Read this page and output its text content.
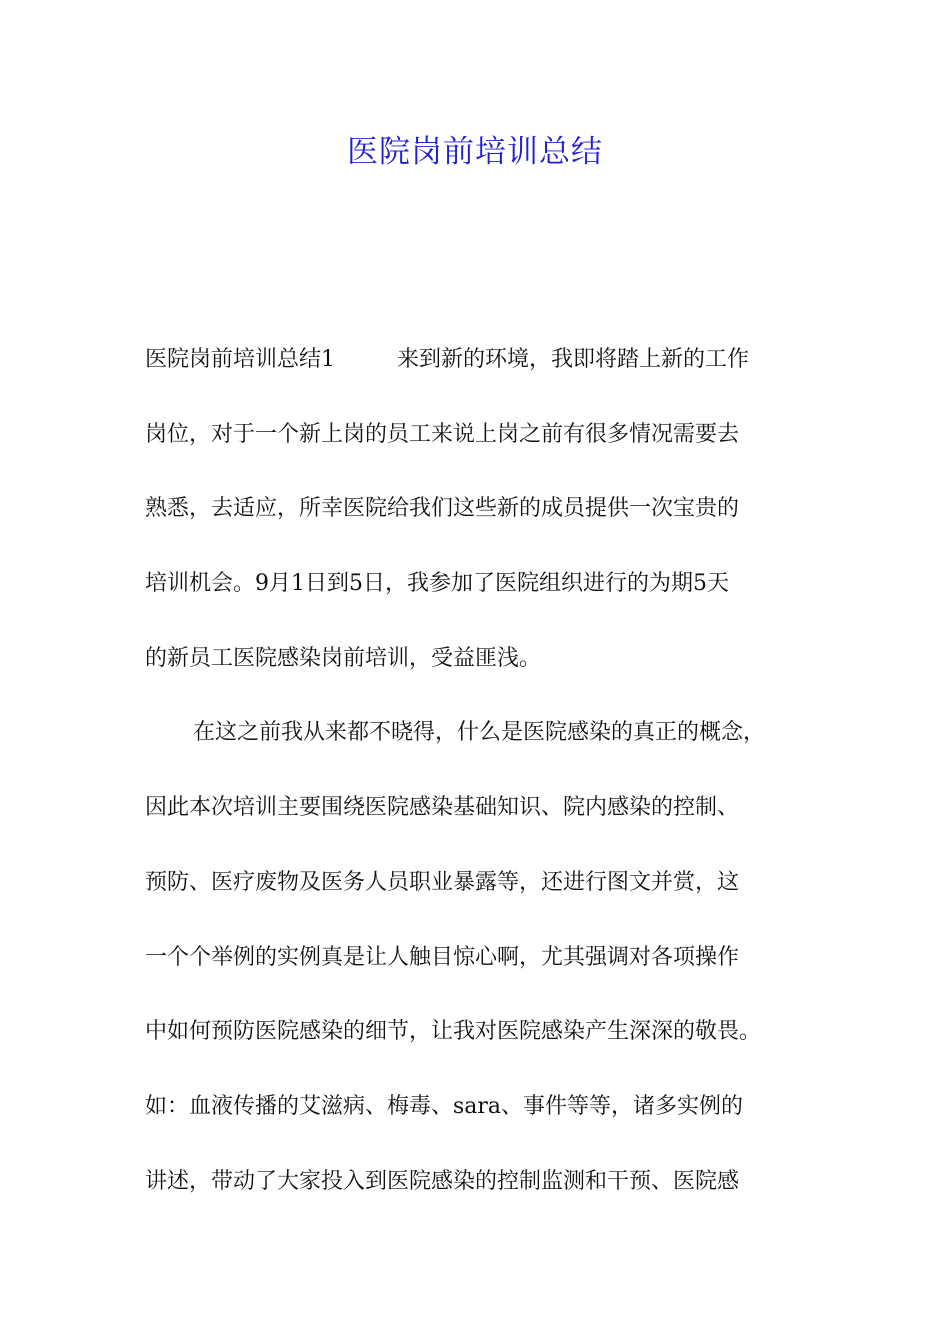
医院岗前培训总结
医院岗前培训总结1	来到新的环境，我即将踏上新的工作
岗位，对于一个新上岗的员工来说上岗之前有很多情况需要去
熟悉，去适应，所幸医院给我们这些新的成员提供一次宝贵的
培训机会。9月1日到5日，我参加了医院组织进行的为期5天
的新员工医院感染岗前培训，受益匪浅。
在这之前我从来都不晓得，什么是医院感染的真正的概念，
因此本次培训主要围绕医院感染基础知识、院内感染的控制、
预防、医疗废物及医务人员职业暴露等，还进行图文并赏，这
一个个举例的实例真是让人触目惊心啊，尤其强调对各项操作
中如何预防医院感染的细节，让我对医院感染产生深深的敬畏。
如：血液传播的艾滋病、梅毒、sara、事件等等，诸多实例的
讲述，带动了大家投入到医院感染的控制监测和干预、医院感
